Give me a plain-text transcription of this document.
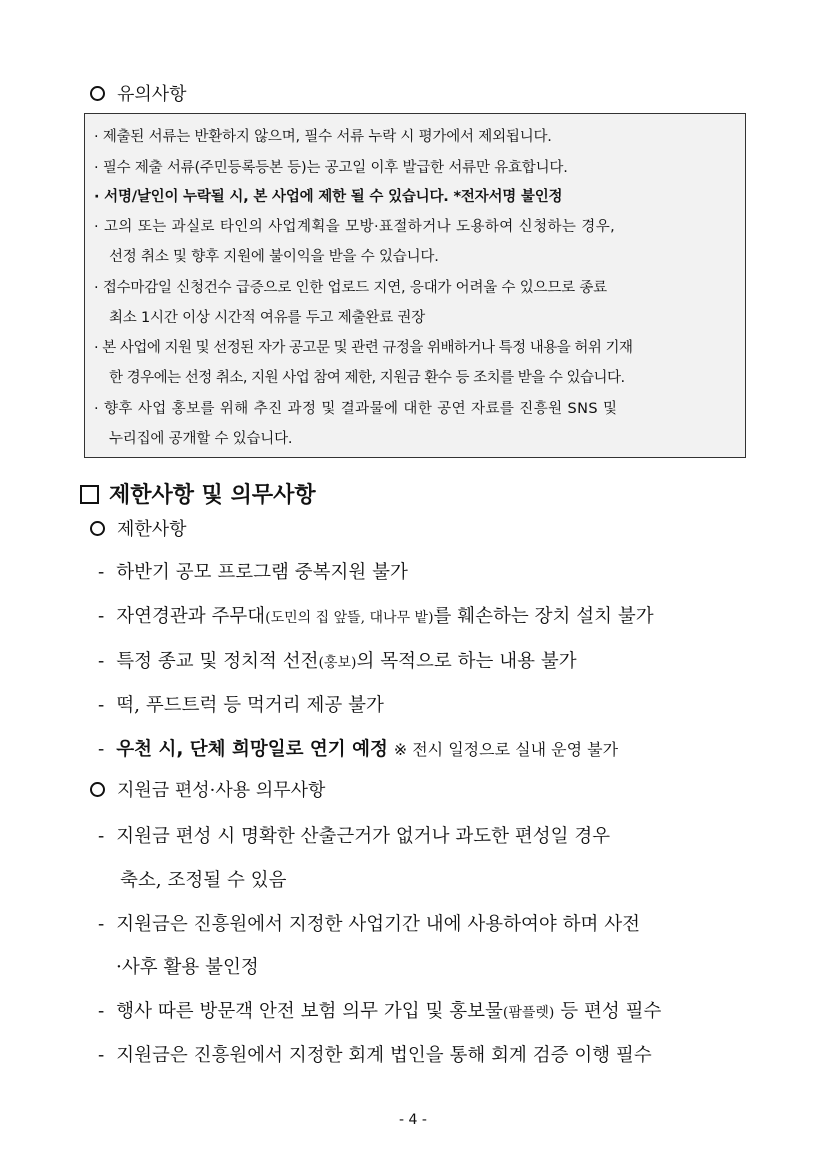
유의사항
· 제출된 서류는 반환하지 않으며, 필수 서류 누락 시 평가에서 제외됩니다.
· 필수 제출 서류(주민등록등본 등)는 공고일 이후 발급한 서류만 유효합니다.
· 서명/날인이 누락될 시, 본 사업에 제한 될 수 있습니다. *전자서명 불인정
· 고의 또는 과실로 타인의 사업계획을 모방·표절하거나 도용하여 신청하는 경우,
선정 취소 및 향후 지원에 불이익을 받을 수 있습니다.
· 접수마감일 신청건수 급증으로 인한 업로드 지연, 응대가 어려울 수 있으므로 종료
최소 1시간 이상 시간적 여유를 두고 제출완료 권장
· 본 사업에 지원 및 선정된 자가 공고문 및 관련 규정을 위배하거나 특정 내용을 허위 기재
한 경우에는 선정 취소, 지원 사업 참여 제한, 지원금 환수 등 조치를 받을 수 있습니다.
· 향후 사업 홍보를 위해 추진 과정 및 결과물에 대한 공연 자료를 진흥원 SNS 및
누리집에 공개할 수 있습니다.
제한사항 및 의무사항
제한사항
- 하반기 공모 프로그램 중복지원 불가
- 자연경관과 주무대(도민의 집 앞뜰, 대나무 밭)를 훼손하는 장치 설치 불가
- 특정 종교 및 정치적 선전(홍보)의 목적으로 하는 내용 불가
- 떡, 푸드트럭 등 먹거리 제공 불가
- 우천 시, 단체 희망일로 연기 예정 ※ 전시 일정으로 실내 운영 불가
지원금 편성·사용 의무사항
- 지원금 편성 시 명확한 산출근거가 없거나 과도한 편성일 경우
축소, 조정될 수 있음
- 지원금은 진흥원에서 지정한 사업기간 내에 사용하여야 하며 사전
·사후 활용 불인정
- 행사 따른 방문객 안전 보험 의무 가입 및 홍보물(팜플렛) 등 편성 필수
- 지원금은 진흥원에서 지정한 회계 법인을 통해 회계 검증 이행 필수
- 4 -
